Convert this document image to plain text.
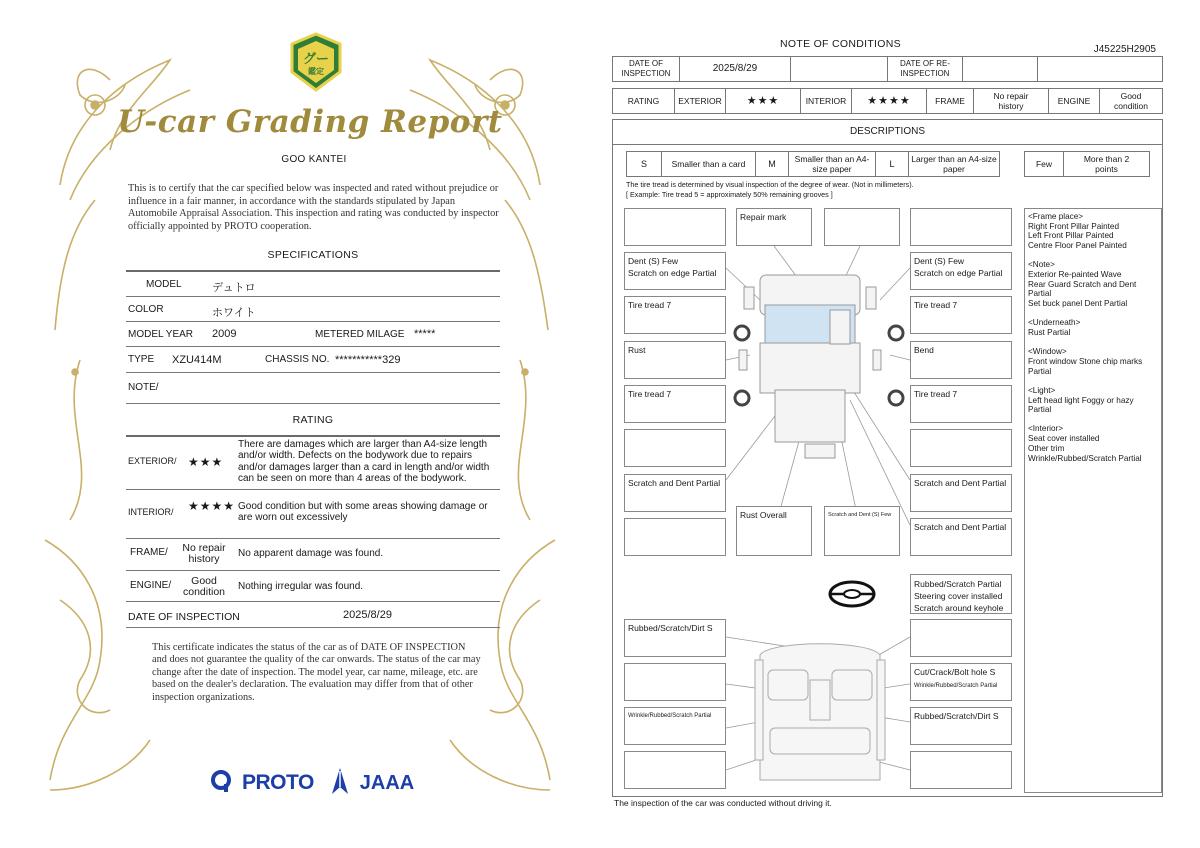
グー
鑑定
U-car Grading Report
GOO KANTEI
This is to certify that the car specified below was inspected and rated without prejudice or influence in a fair manner, in accordance with the standards stipulated by Japan Automobile Appraisal Association. This inspection and rating was conducted by inspector officially appointed by PROTO cooperation.
SPECIFICATIONS
MODEL	デュトロ
COLOR	ホワイト
MODEL YEAR 2009	METERED MILAGE *****
TYPE XZU414M	CHASSIS NO. ***********329
NOTE/
RATING
EXTERIOR/ ★★★
There are damages which are larger than A4-size length and/or width. Defects on the bodywork due to repairs and/or damages larger than a card in length and/or width can be seen on more than 4 areas of the bodywork.
INTERIOR/ ★★★★ Good condition but with some areas showing damage or are worn out excessively
FRAME/	No repair history	No apparent damage was found.
ENGINE/	Good condition	Nothing irregular was found.
DATE OF INSPECTION	2025/8/29
This certificate indicates the status of the car as of DATE OF INSPECTION and does not guarantee the quality of the car onwards. The status of the car may change after the date of inspection. The model year, car name, mileage, etc. are based on the dealer's declaration. The evaluation may differ from that of other inspection organizations.
PROTO JAAA
NOTE OF CONDITIONS	J45225H2905
DATE OF INSPECTION	2025/8/29	DATE OF RE-INSPECTION
RATING	EXTERIOR	★★★	INTERIOR	★★★★	FRAME	No repair history	ENGINE	Good condition
DESCRIPTIONS
S	Smaller than a card	M	Smaller than an A4-size paper	L	Larger than an A4-size paper	Few	More than 2 points
The tire tread is determined by visual inspection of the degree of wear. (Not in millimeters).
[ Example: Tire tread 5 = approximately 50% remaining grooves ]
Repair mark
Dent (S) Few
Scratch on edge Partial
Dent (S) Few
Scratch on edge Partial
Tire tread 7	Tire tread 7
Rust	Bend
Tire tread 7	Tire tread 7
Scratch and Dent Partial	Scratch and Dent Partial
Rust Overall	Scratch and Dent (S) Few
Scratch and Dent Partial
Rubbed/Scratch Partial
Steering cover installed
Scratch around keyhole
Rubbed/Scratch/Dirt S
Cut/Crack/Bolt hole S
Wrinkle/Rubbed/Scratch Partial
Wrinkle/Rubbed/Scratch Partial	Rubbed/Scratch/Dirt S
<Frame place>
Right Front Pillar Painted
Left Front Pillar Painted
Centre Floor Panel Painted
<Note>
Exterior Re-painted Wave
Rear Guard Scratch and Dent Partial
Set buck panel Dent Partial
<Underneath>
Rust Partial
<Window>
Front window Stone chip marks Partial
<Light>
Left head light Foggy or hazy Partial
<Interior>
Seat cover installed
Other trim
Wrinkle/Rubbed/Scratch Partial
The inspection of the car was conducted without driving it.
